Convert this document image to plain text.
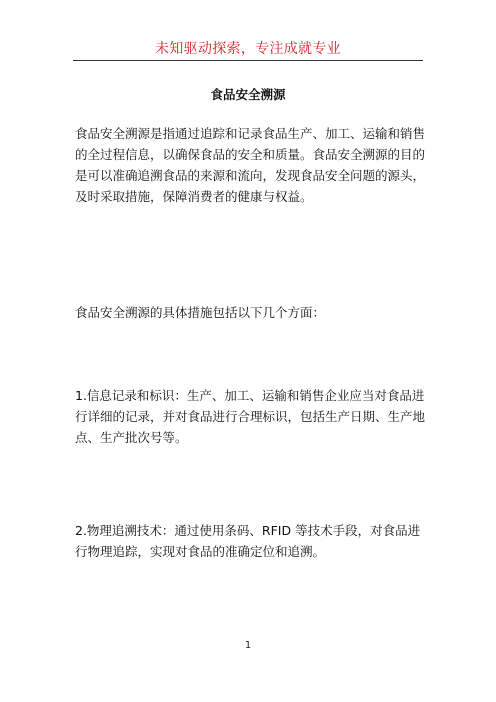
未知驱动探索，专注成就专业
食品安全溯源

食品安全溯源是指通过追踪和记录食品生产、加工、运输和销售的全过程信息，以确保食品的安全和质量。食品安全溯源的目的是可以准确追溯食品的来源和流向，发现食品安全问题的源头，及时采取措施，保障消费者的健康与权益。

食品安全溯源的具体措施包括以下几个方面：

1.信息记录和标识：生产、加工、运输和销售企业应当对食品进行详细的记录，并对食品进行合理标识，包括生产日期、生产地点、生产批次号等。

2.物理追溯技术：通过使用条码、RFID 等技术手段，对食品进行物理追踪，实现对食品的准确定位和追溯。

1
